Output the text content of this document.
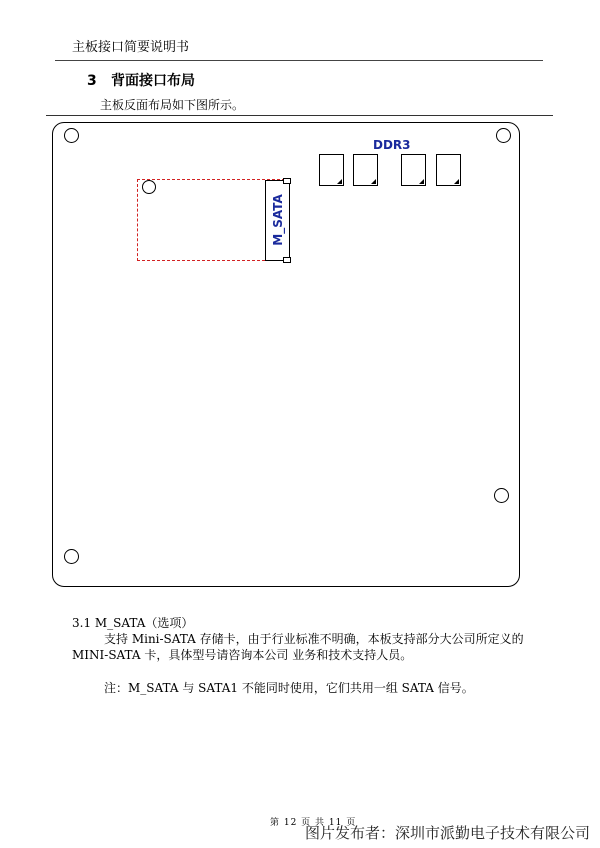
主板接口简要说明书
3 背面接口布局
主板反面布局如下图所示。
M_SATA
DDR3
3.1 M_SATA（选项）
支持 Mini-SATA 存储卡，由于行业标准不明确，本板支持部分大公司所定义的
MINI-SATA 卡，具体型号请咨询本公司 业务和技术支持人员。
注：M_SATA 与 SATA1 不能同时使用，它们共用一组 SATA 信号。
第 12 页 共 11 页
图片发布者：深圳市派勤电子技术有限公司
